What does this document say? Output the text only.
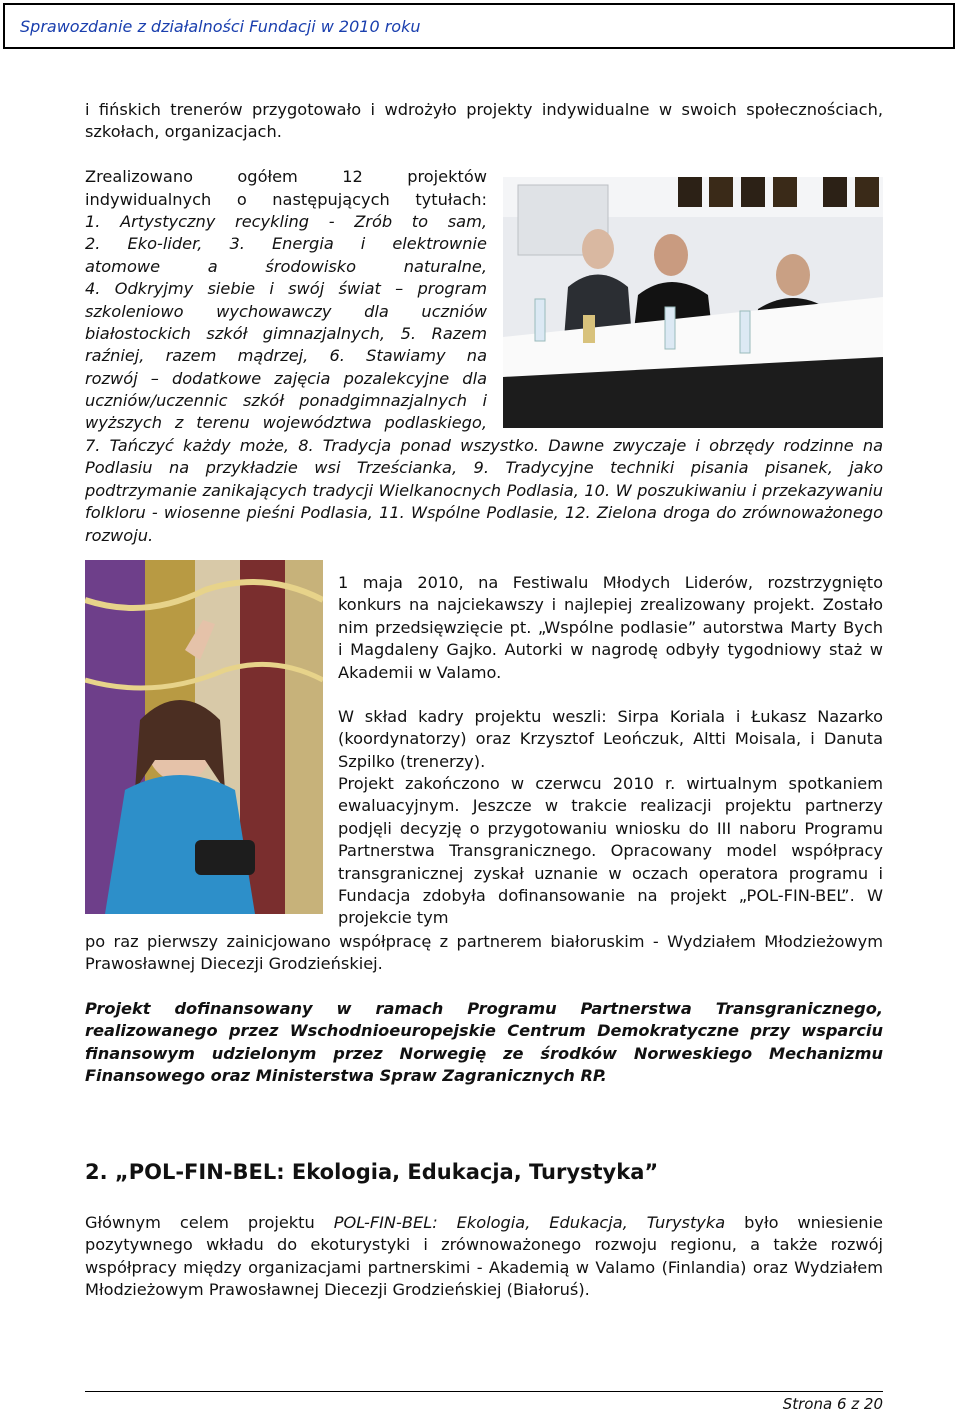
Sprawozdanie z działalności Fundacji w 2010 roku
i fińskich trenerów przygotowało i wdrożyło projekty indywidualne w swoich społecznościach, szkołach, organizacjach.
Zrealizowano ogółem 12 projektów
indywidualnych o następujących tytułach:
1. Artystyczny recykling - Zrób to sam,
2. Eko-lider, 3. Energia i elektrownie
atomowe a środowisko naturalne,
4. Odkryjmy siebie i swój świat – program
szkoleniowo wychowawczy dla uczniów
białostockich szkół gimnazjalnych, 5. Razem
raźniej, razem mądrzej, 6. Stawiamy na
rozwój – dodatkowe zajęcia pozalekcyjne dla
uczniów/uczennic szkół ponadgimnazjalnych i
wyższych z terenu województwa podlaskiego,
7. Tańczyć każdy może, 8. Tradycja ponad wszystko. Dawne zwyczaje i obrzędy rodzinne na Podlasiu na przykładzie wsi Trześcianka, 9. Tradycyjne techniki pisania pisanek, jako podtrzymanie zanikających tradycji Wielkanocnych Podlasia, 10. W poszukiwaniu i przekazywaniu folkloru - wiosenne pieśni Podlasia, 11. Wspólne Podlasie, 12. Zielona droga do zrównoważonego rozwoju.
1 maja 2010, na Festiwalu Młodych Liderów, rozstrzygnięto konkurs na najciekawszy i najlepiej zrealizowany projekt. Zostało nim przedsięwzięcie pt. „Wspólne podlasie” autorstwa Marty Bych i Magdaleny Gajko. Autorki w nagrodę odbyły tygodniowy staż w Akademii w Valamo.
W skład kadry projektu weszli: Sirpa Koriala i Łukasz Nazarko (koordynatorzy) oraz Krzysztof Leończuk, Altti Moisala, i Danuta Szpilko (trenerzy).
Projekt zakończono w czerwcu 2010 r. wirtualnym spotkaniem ewaluacyjnym. Jeszcze w trakcie realizacji projektu partnerzy podjęli decyzję o przygotowaniu wniosku do III naboru Programu Partnerstwa Transgranicznego. Opracowany model współpracy transgranicznej zyskał uznanie w oczach operatora programu i Fundacja zdobyła dofinansowanie na projekt „POL-FIN-BEL”. W projekcie tym
po raz pierwszy zainicjowano współpracę z partnerem białoruskim - Wydziałem Młodzieżowym Prawosławnej Diecezji Grodzieńskiej.
Projekt dofinansowany w ramach Programu Partnerstwa Transgranicznego, realizowanego przez Wschodnioeuropejskie Centrum Demokratyczne przy wsparciu finansowym udzielonym przez Norwegię ze środków Norweskiego Mechanizmu Finansowego oraz Ministerstwa Spraw Zagranicznych RP.
2. „POL-FIN-BEL: Ekologia, Edukacja, Turystyka”
Głównym celem projektu POL-FIN-BEL: Ekologia, Edukacja, Turystyka było wniesienie pozytywnego wkładu do ekoturystyki i zrównoważonego rozwoju regionu, a także rozwój współpracy między organizacjami partnerskimi - Akademią w Valamo (Finlandia) oraz Wydziałem Młodzieżowym Prawosławnej Diecezji Grodzieńskiej (Białoruś).
Strona 6 z 20
